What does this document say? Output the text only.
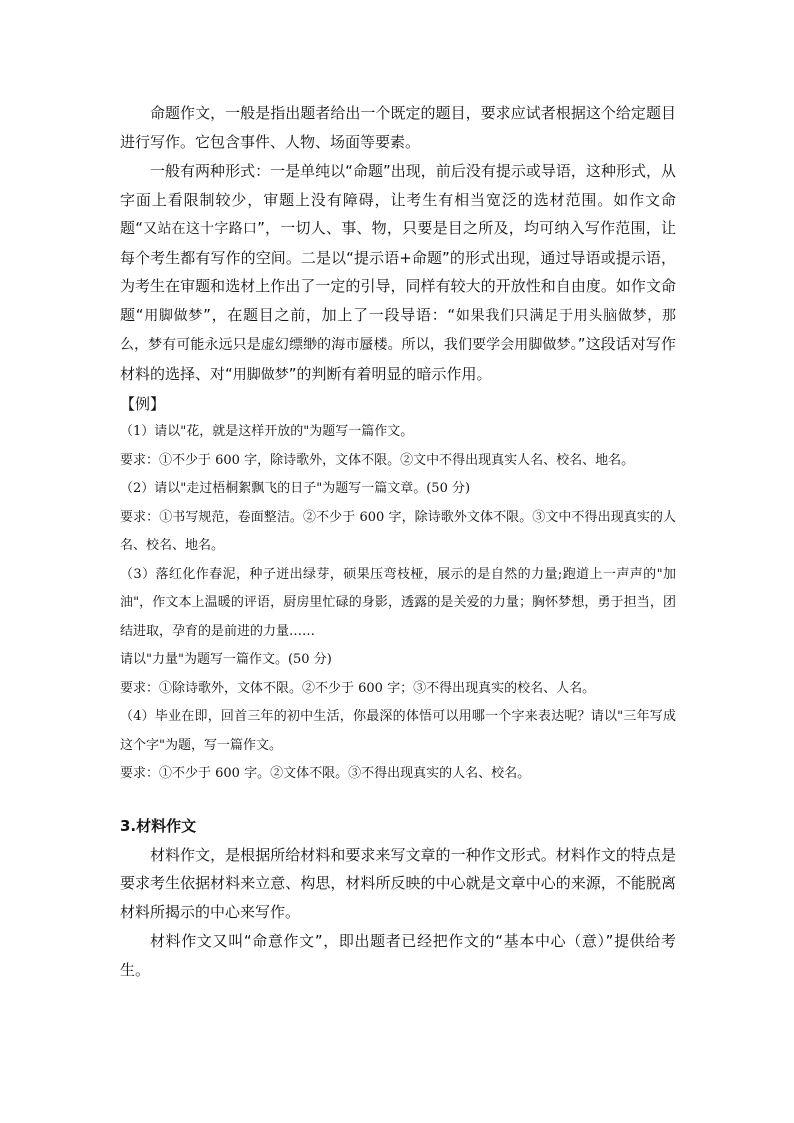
命题作文，一般是指出题者给出一个既定的题目，要求应试者根据这个给定题目进行写作。它包含事件、人物、场面等要素。

一般有两种形式：一是单纯以“命题”出现，前后没有提示或导语，这种形式，从字面上看限制较少，审题上没有障碍，让考生有相当宽泛的选材范围。如作文命题“又站在这十字路口”，一切人、事、物，只要是目之所及，均可纳入写作范围，让每个考生都有写作的空间。二是以“提示语+命题”的形式出现，通过导语或提示语，为考生在审题和选材上作出了一定的引导，同样有较大的开放性和自由度。如作文命题“用脚做梦”，在题目之前，加上了一段导语：“如果我们只满足于用头脑做梦，那么，梦有可能永远只是虚幻缥缈的海市蜃楼。所以，我们要学会用脚做梦。”这段话对写作材料的选择、对“用脚做梦”的判断有着明显的暗示作用。

【例】

（1）请以"花，就是这样开放的"为题写一篇作文。

要求：①不少于 600 字，除诗歌外，文体不限。②文中不得出现真实人名、校名、地名。

（2）请以"走过梧桐絮飘飞的日子"为题写一篇文章。(50 分)

要求：①书写规范，卷面整洁。②不少于 600 字，除诗歌外文体不限。③文中不得出现真实的人名、校名、地名。

（3）落红化作春泥，种子迸出绿芽，硕果压弯枝桠，展示的是自然的力量;跑道上一声声的"加油"，作文本上温暖的评语，厨房里忙碌的身影，透露的是关爱的力量；胸怀梦想，勇于担当，团结进取，孕育的是前进的力量……

请以"力量"为题写一篇作文。(50 分)

要求：①除诗歌外，文体不限。②不少于 600 字；③不得出现真实的校名、人名。

（4）毕业在即，回首三年的初中生活，你最深的体悟可以用哪一个字来表达呢？请以"三年写成这个字"为题，写一篇作文。

要求：①不少于 600 字。②文体不限。③不得出现真实的人名、校名。

3.材料作文

材料作文，是根据所给材料和要求来写文章的一种作文形式。材料作文的特点是要求考生依据材料来立意、构思，材料所反映的中心就是文章中心的来源，不能脱离材料所揭示的中心来写作。

材料作文又叫“命意作文”，即出题者已经把作文的“基本中心（意）”提供给考生。
